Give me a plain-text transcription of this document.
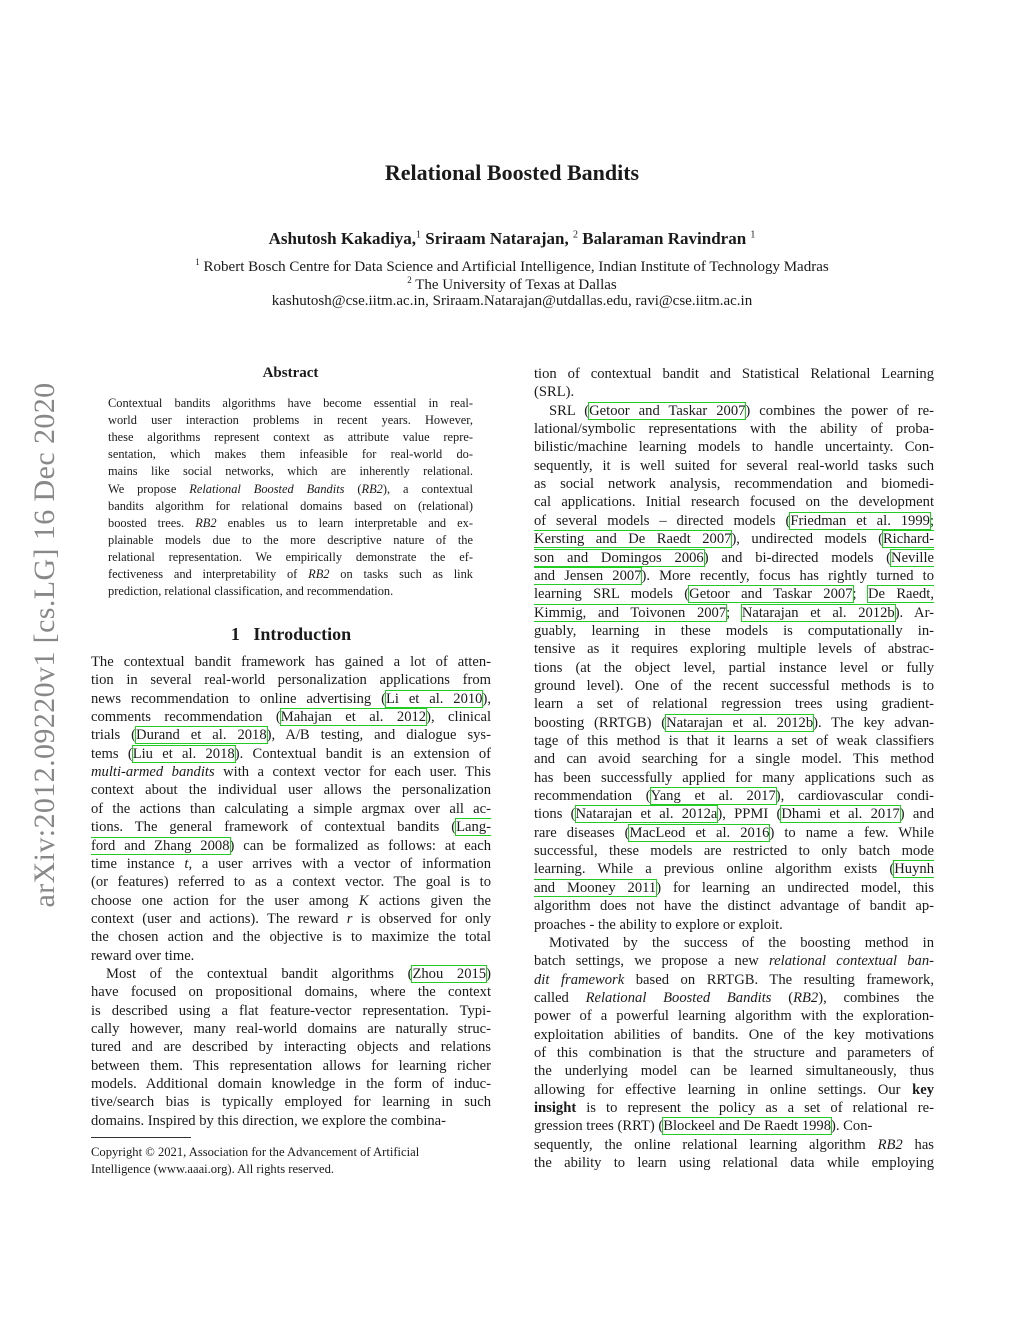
arXiv:2012.09220v1 [cs.LG] 16 Dec 2020
Relational Boosted Bandits
Ashutosh Kakadiya,$^1$ Sriraam Natarajan, $^2$ Balaraman Ravindran $^1$
$^1$ Robert Bosch Centre for Data Science and Artificial Intelligence, Indian Institute of Technology Madras
$^2$ The University of Texas at Dallas
kashutosh@cse.iitm.ac.in, Sriraam.Natarajan@utdallas.edu, ravi@cse.iitm.ac.in
Abstract
Contextual bandits algorithms have become essential in real-
world user interaction problems in recent years. However,
these algorithms represent context as attribute value repre-
sentation, which makes them infeasible for real-world do-
mains like social networks, which are inherently relational.
We propose Relational Boosted Bandits (RB2), a contextual
bandits algorithm for relational domains based on (relational)
boosted trees. RB2 enables us to learn interpretable and ex-
plainable models due to the more descriptive nature of the
relational representation. We empirically demonstrate the ef-
fectiveness and interpretability of RB2 on tasks such as link
prediction, relational classification, and recommendation.
1 Introduction
The contextual bandit framework has gained a lot of atten-
tion in several real-world personalization applications from
news recommendation to online advertising (Li et al. 2010),
comments recommendation (Mahajan et al. 2012), clinical
trials (Durand et al. 2018), A/B testing, and dialogue sys-
tems (Liu et al. 2018). Contextual bandit is an extension of
multi-armed bandits with a context vector for each user. This
context about the individual user allows the personalization
of the actions than calculating a simple argmax over all ac-
tions. The general framework of contextual bandits (Lang-
ford and Zhang 2008) can be formalized as follows: at each
time instance t, a user arrives with a vector of information
(or features) referred to as a context vector. The goal is to
choose one action for the user among K actions given the
context (user and actions). The reward r is observed for only
the chosen action and the objective is to maximize the total
reward over time.
Most of the contextual bandit algorithms (Zhou 2015)
have focused on propositional domains, where the context
is described using a flat feature-vector representation. Typi-
cally however, many real-world domains are naturally struc-
tured and are described by interacting objects and relations
between them. This representation allows for learning richer
models. Additional domain knowledge in the form of induc-
tive/search bias is typically employed for learning in such
domains. Inspired by this direction, we explore the combina-
tion of contextual bandit and Statistical Relational Learning
(SRL).
SRL (Getoor and Taskar 2007) combines the power of re-
lational/symbolic representations with the ability of proba-
bilistic/machine learning models to handle uncertainty. Con-
sequently, it is well suited for several real-world tasks such
as social network analysis, recommendation and biomedi-
cal applications. Initial research focused on the development
of several models – directed models (Friedman et al. 1999;
Kersting and De Raedt 2007), undirected models (Richard-
son and Domingos 2006) and bi-directed models (Neville
and Jensen 2007). More recently, focus has rightly turned to
learning SRL models (Getoor and Taskar 2007; De Raedt,
Kimmig, and Toivonen 2007; Natarajan et al. 2012b). Ar-
guably, learning in these models is computationally in-
tensive as it requires exploring multiple levels of abstrac-
tions (at the object level, partial instance level or fully
ground level). One of the recent successful methods is to
learn a set of relational regression trees using gradient-
boosting (RRTGB) (Natarajan et al. 2012b). The key advan-
tage of this method is that it learns a set of weak classifiers
and can avoid searching for a single model. This method
has been successfully applied for many applications such as
recommendation (Yang et al. 2017), cardiovascular condi-
tions (Natarajan et al. 2012a), PPMI (Dhami et al. 2017) and
rare diseases (MacLeod et al. 2016) to name a few. While
successful, these models are restricted to only batch mode
learning. While a previous online algorithm exists (Huynh
and Mooney 2011) for learning an undirected model, this
algorithm does not have the distinct advantage of bandit ap-
proaches - the ability to explore or exploit.
Motivated by the success of the boosting method in
batch settings, we propose a new relational contextual ban-
dit framework based on RRTGB. The resulting framework,
called Relational Boosted Bandits (RB2), combines the
power of a powerful learning algorithm with the exploration-
exploitation abilities of bandits. One of the key motivations
of this combination is that the structure and parameters of
the underlying model can be learned simultaneously, thus
allowing for effective learning in online settings. Our key
insight is to represent the policy as a set of relational re-
gression trees (RRT) (Blockeel and De Raedt 1998). Con-
sequently, the online relational learning algorithm RB2 has
the ability to learn using relational data while employing
Copyright © 2021, Association for the Advancement of Artificial
Intelligence (www.aaai.org). All rights reserved.
